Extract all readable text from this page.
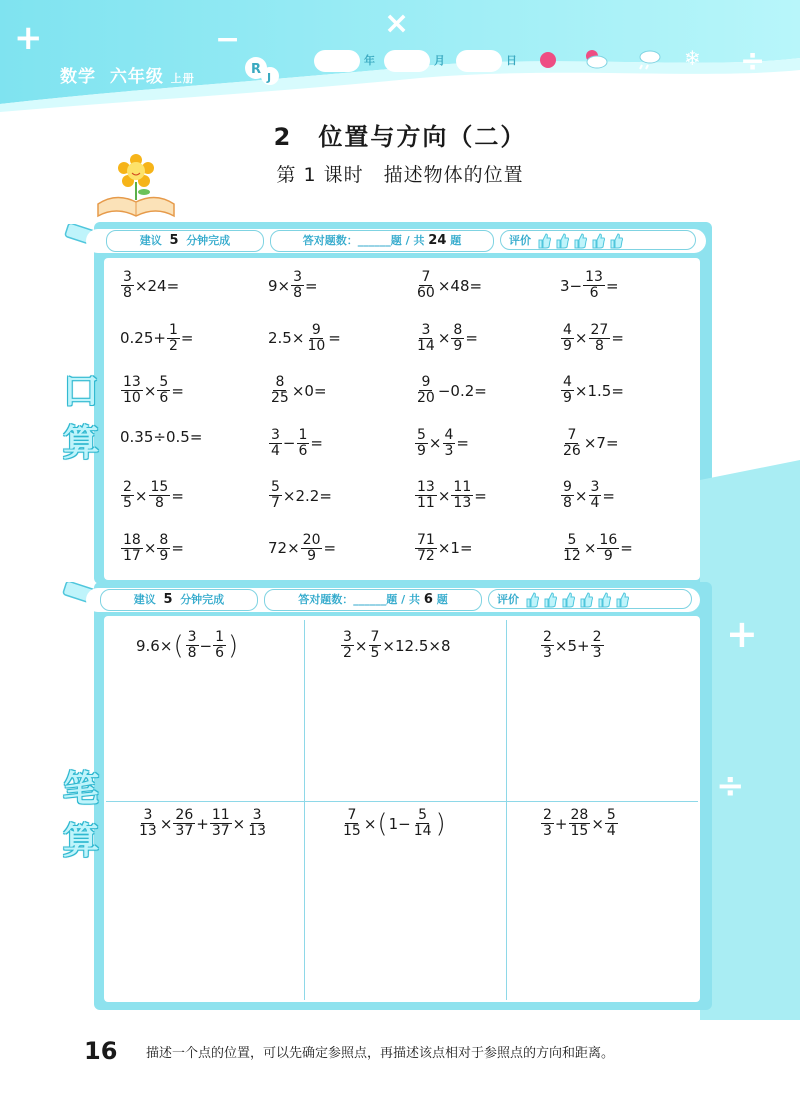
+	−	×
÷
数学 六年级 上册
R
J
年	月	日	❄
2　位置与方向（二）
第 1 课时　描述物体的位置
建议 5 分钟完成	答对题数：______题 / 共 24 题	评价
口
算
$\frac{3}{8} \times 24=$	$9\times \frac{3}{8}$ =	$\frac{7}{60} \times 48=$	$3- \frac{13}{6}$ =
$0.25+ \frac{1}{2}$ =	$2.5\times \frac{9}{10}$ =	$\frac{3}{14} \times \frac{8}{9}$ =	$\frac{4}{9} \times \frac{27}{8}$ =
$\frac{13}{10} \times \frac{5}{6}$ =	$\frac{8}{25} \times 0=$	$\frac{9}{20} -0.2=$	$\frac{4}{9} \times 1.5=$
0.35÷0.5=	$\frac{3}{4} - \frac{1}{6}$ =	$\frac{5}{9} \times \frac{4}{3}$ =	$\frac{7}{26} \times 7=$
$\frac{2}{5} \times \frac{15}{8}$ =	$\frac{5}{7} \times 2.2=$	$\frac{13}{11} \times \frac{11}{13}$ =	$\frac{9}{8} \times \frac{3}{4}$ =
$\frac{18}{17} \times \frac{8}{9}$ =	$72\times \frac{20}{9}$ =	$\frac{71}{72} \times 1=$	$\frac{5}{12} \times \frac{16}{9}$ =
+
÷
建议 5 分钟完成	答对题数：______题 / 共 6 题	评价
笔
算
9.6× ( $\frac{3}{8} - \frac{1}{6}$ )	$\frac{3}{2} \times \frac{7}{5} \times 12.5\times 8$	$\frac{2}{3} \times 5+ \frac{2}{3}$
$\frac{3}{13} \times \frac{26}{37} + \frac{11}{37} \times \frac{3}{13}$	$\frac{7}{15}$ × ( $1- \frac{5}{14}$ )	$\frac{2}{3} + \frac{28}{15} \times \frac{5}{4}$
16 描述一个点的位置，可以先确定参照点，再描述该点相对于参照点的方向和距离。
